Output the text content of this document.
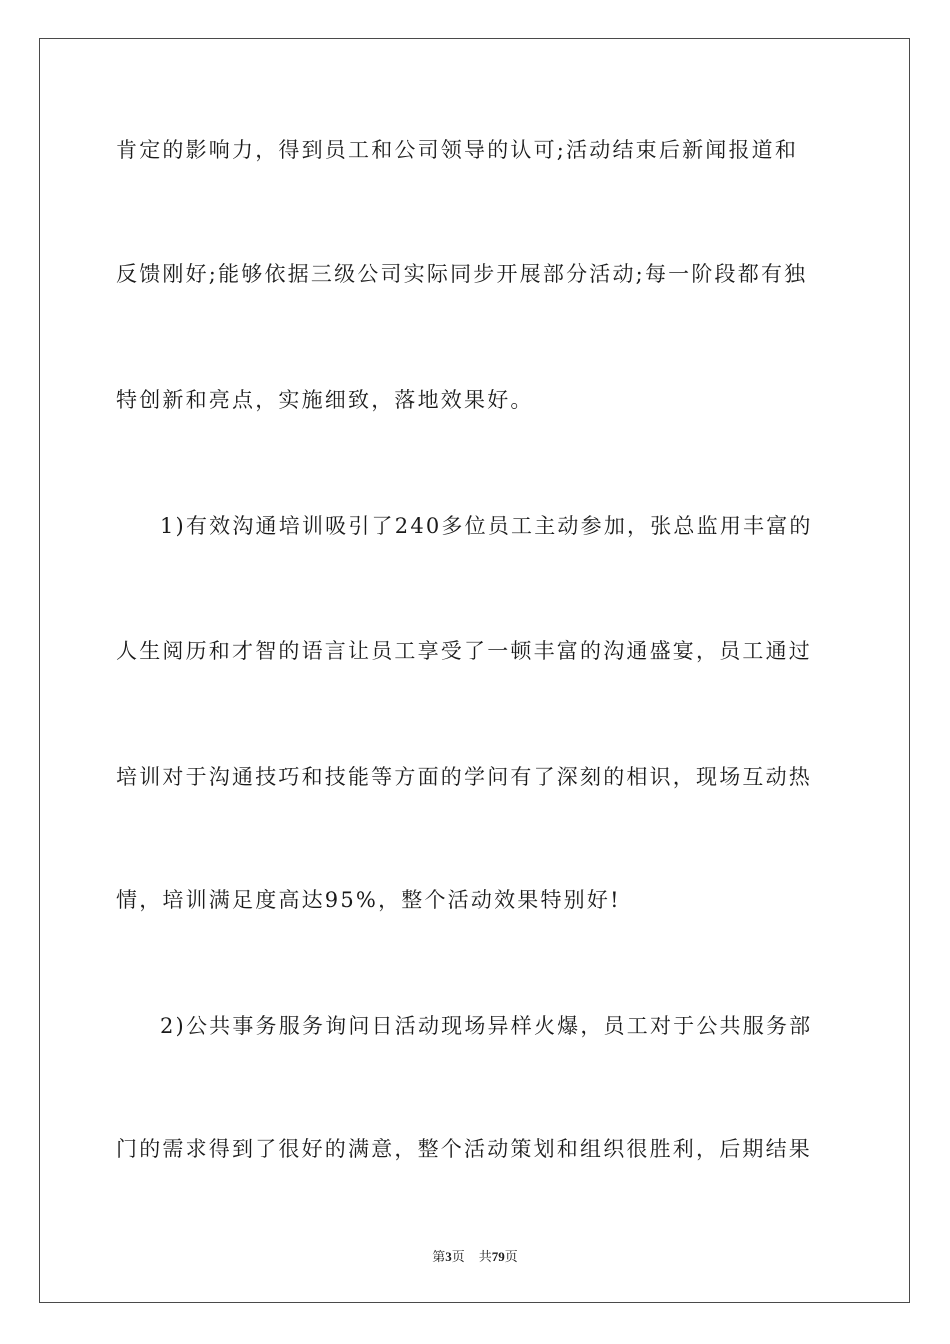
肯定的影响力，得到员工和公司领导的认可;活动结束后新闻报道和
反馈刚好;能够依据三级公司实际同步开展部分活动;每一阶段都有独
特创新和亮点，实施细致，落地效果好。
1)有效沟通培训吸引了240多位员工主动参加，张总监用丰富的
人生阅历和才智的语言让员工享受了一顿丰富的沟通盛宴，员工通过
培训对于沟通技巧和技能等方面的学问有了深刻的相识，现场互动热
情，培训满足度高达95%，整个活动效果特别好!
2)公共事务服务询问日活动现场异样火爆，员工对于公共服务部
门的需求得到了很好的满意，整个活动策划和组织很胜利，后期结果
第3页 共79页
